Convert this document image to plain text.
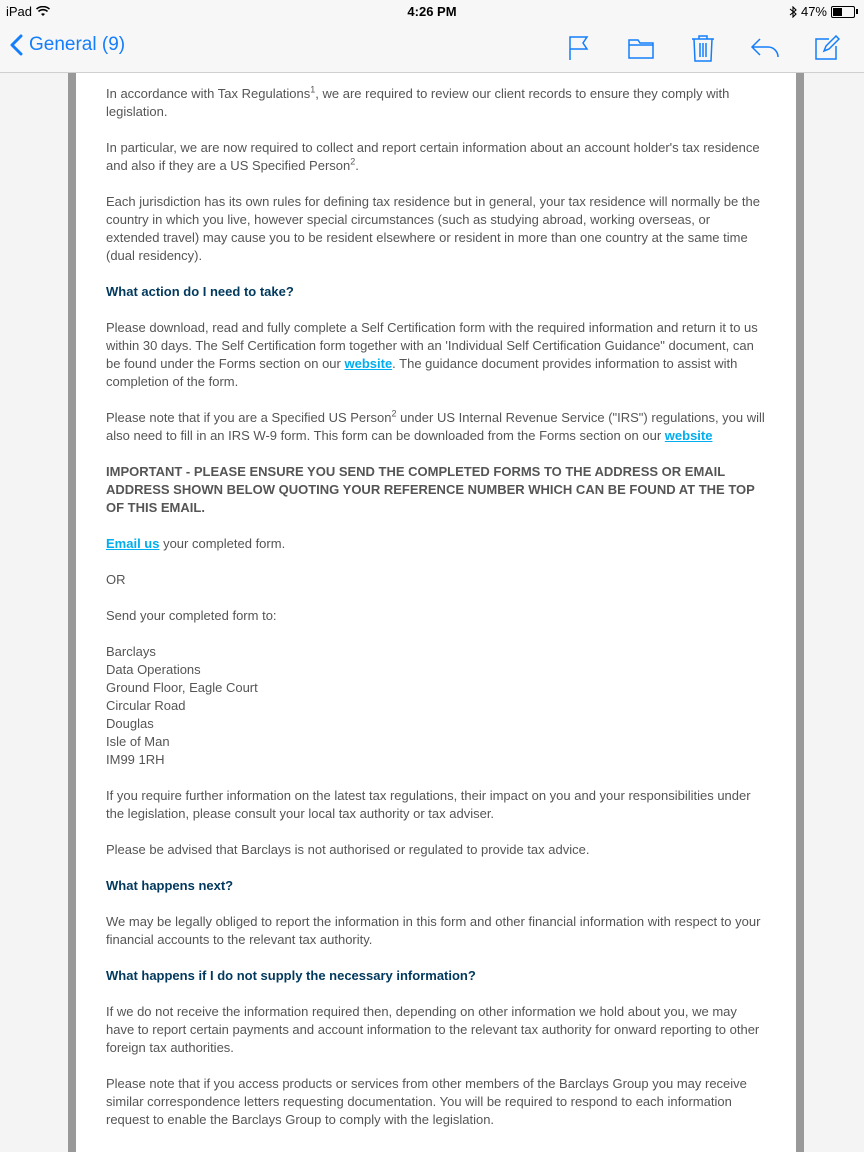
iPad	4:26 PM	47%
General (9)

In accordance with Tax Regulations$^1$, we are required to review our client records to ensure they comply with legislation.

In particular, we are now required to collect and report certain information about an account holder's tax residence and also if they are a US Specified Person$^2$.

Each jurisdiction has its own rules for defining tax residence but in general, your tax residence will normally be the country in which you live, however special circumstances (such as studying abroad, working overseas, or extended travel) may cause you to be resident elsewhere or resident in more than one country at the same time (dual residency).

What action do I need to take?

Please download, read and fully complete a Self Certification form with the required information and return it to us within 30 days. The Self Certification form together with an 'Individual Self Certification Guidance" document, can be found under the Forms section on our website. The guidance document provides information to assist with completion of the form.

Please note that if you are a Specified US Person$^2$ under US Internal Revenue Service ("IRS") regulations, you will also need to fill in an IRS W-9 form. This form can be downloaded from the Forms section on our website

IMPORTANT - PLEASE ENSURE YOU SEND THE COMPLETED FORMS TO THE ADDRESS OR EMAIL ADDRESS SHOWN BELOW QUOTING YOUR REFERENCE NUMBER WHICH CAN BE FOUND AT THE TOP OF THIS EMAIL.

Email us your completed form.

OR

Send your completed form to:

Barclays
Data Operations
Ground Floor, Eagle Court
Circular Road
Douglas
Isle of Man
IM99 1RH

If you require further information on the latest tax regulations, their impact on you and your responsibilities under the legislation, please consult your local tax authority or tax adviser.

Please be advised that Barclays is not authorised or regulated to provide tax advice.

What happens next?

We may be legally obliged to report the information in this form and other financial information with respect to your financial accounts to the relevant tax authority.

What happens if I do not supply the necessary information?

If we do not receive the information required then, depending on other information we hold about you, we may have to report certain payments and account information to the relevant tax authority for onward reporting to other foreign tax authorities.

Please note that if you access products or services from other members of the Barclays Group you may receive similar correspondence letters requesting documentation. You will be required to respond to each information request to enable the Barclays Group to comply with the legislation.
